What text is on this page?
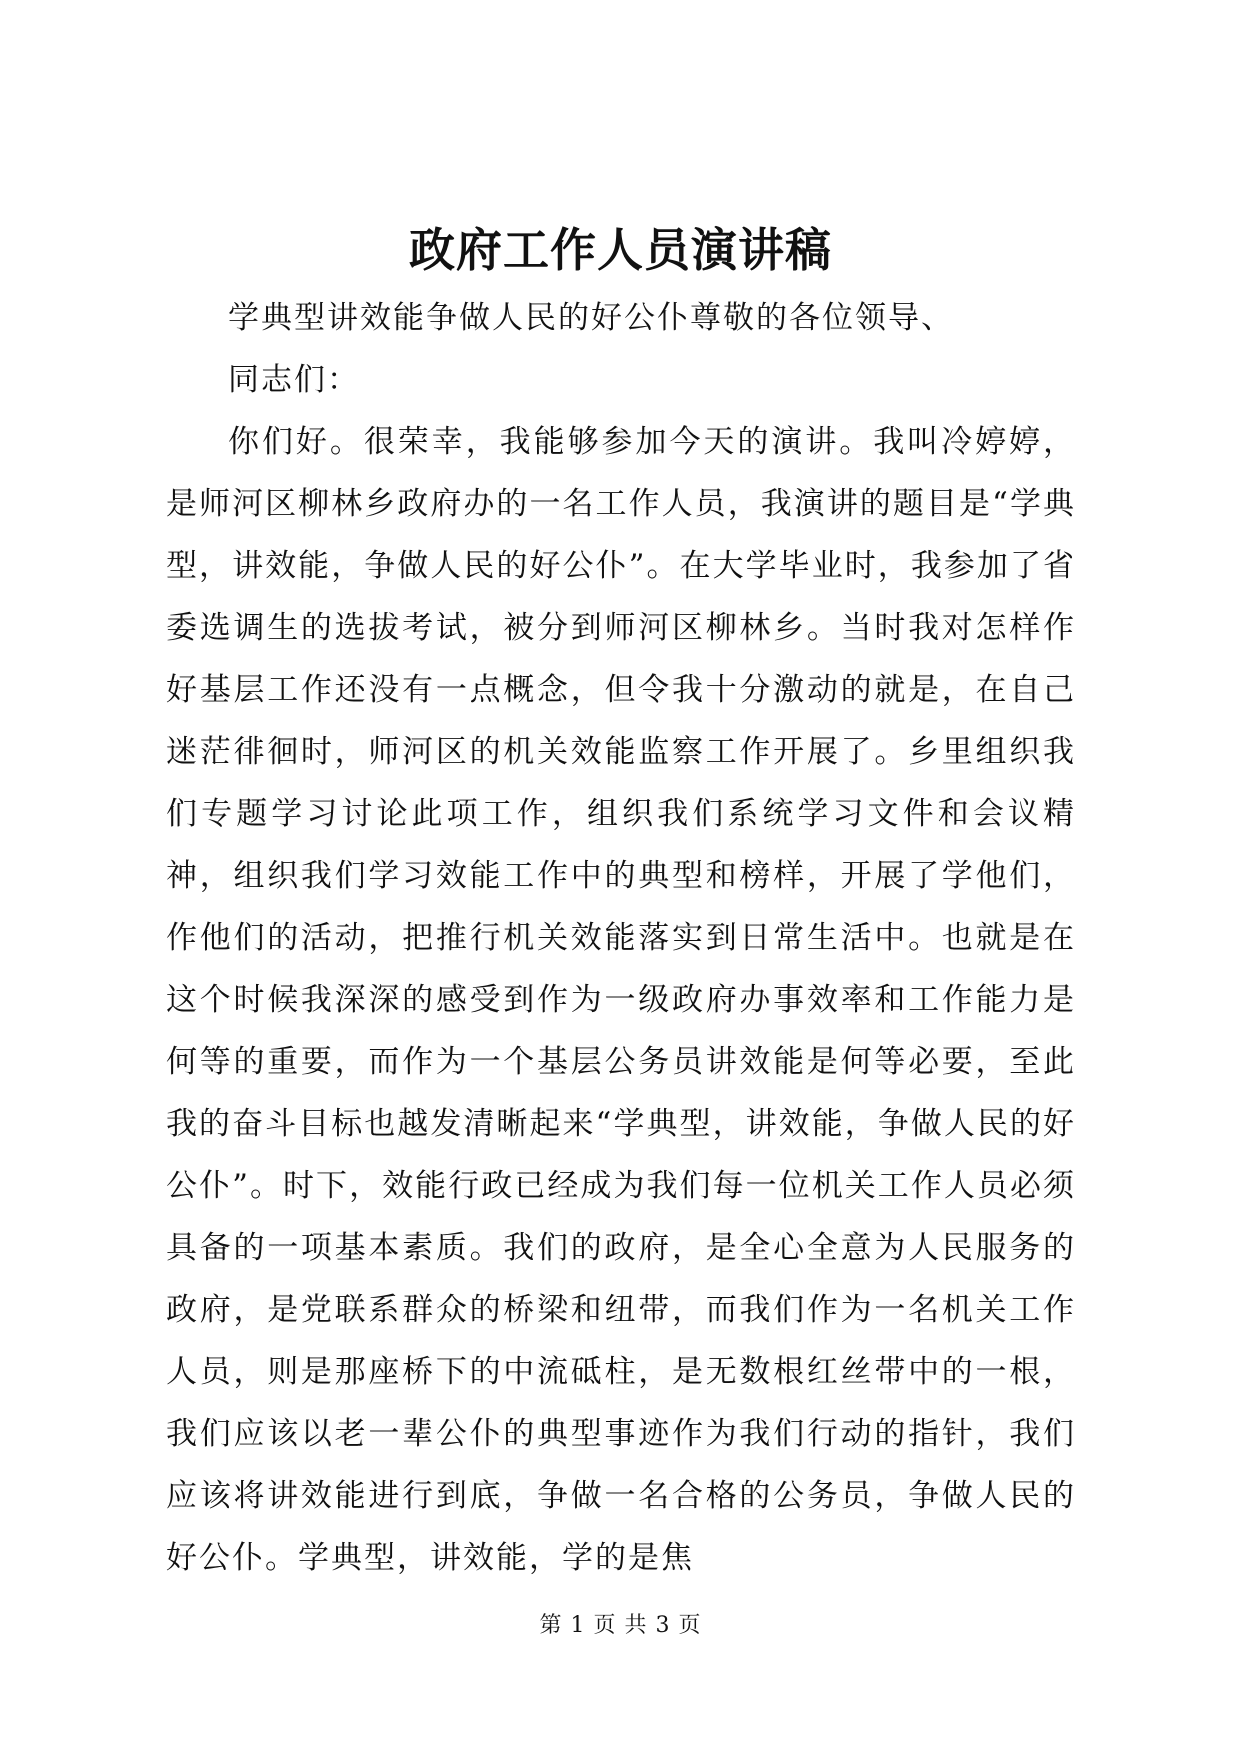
政府工作人员演讲稿

学典型讲效能争做人民的好公仆尊敬的各位领导、

同志们：

你们好。很荣幸，我能够参加今天的演讲。我叫冷婷婷，是师河区柳林乡政府办的一名工作人员，我演讲的题目是“学典型，讲效能，争做人民的好公仆”。在大学毕业时，我参加了省委选调生的选拔考试，被分到师河区柳林乡。当时我对怎样作好基层工作还没有一点概念，但令我十分激动的就是，在自己迷茫徘徊时，师河区的机关效能监察工作开展了。乡里组织我们专题学习讨论此项工作，组织我们系统学习文件和会议精神，组织我们学习效能工作中的典型和榜样，开展了学他们，作他们的活动，把推行机关效能落实到日常生活中。也就是在这个时候我深深的感受到作为一级政府办事效率和工作能力是何等的重要，而作为一个基层公务员讲效能是何等必要，至此我的奋斗目标也越发清晰起来“学典型，讲效能，争做人民的好公仆”。时下，效能行政已经成为我们每一位机关工作人员必须具备的一项基本素质。我们的政府，是全心全意为人民服务的政府，是党联系群众的桥梁和纽带，而我们作为一名机关工作人员，则是那座桥下的中流砥柱，是无数根红丝带中的一根，我们应该以老一辈公仆的典型事迹作为我们行动的指针，我们应该将讲效能进行到底，争做一名合格的公务员，争做人民的好公仆。学典型，讲效能，学的是焦

第 1 页 共 3 页
